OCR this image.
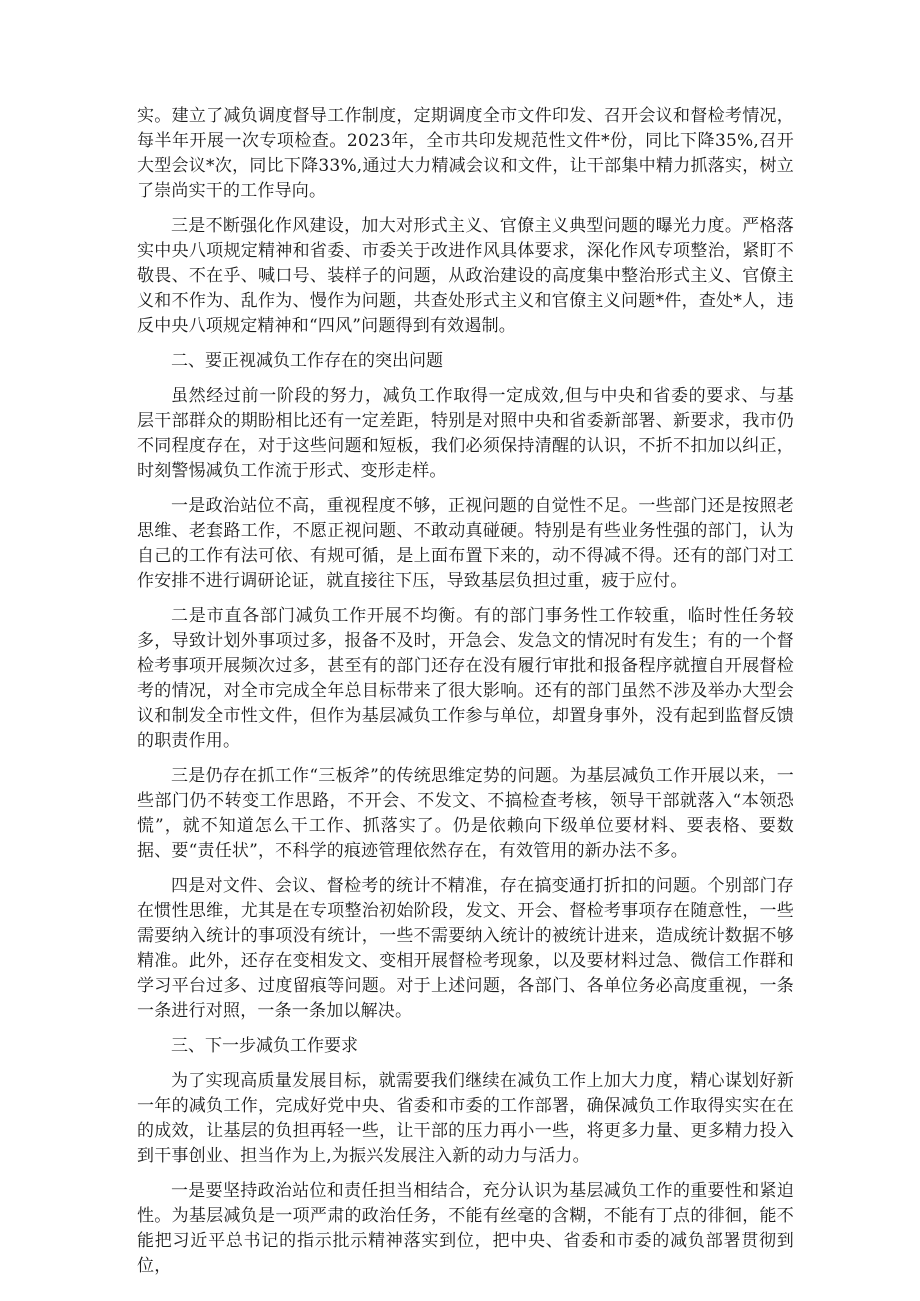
实。建立了减负调度督导工作制度，定期调度全市文件印发、召开会议和督检考情况，每半年开展一次专项检查。2023年，全市共印发规范性文件*份，同比下降35%,召开大型会议*次，同比下降33%,通过大力精减会议和文件，让干部集中精力抓落实，树立了崇尚实干的工作导向。

三是不断强化作风建设，加大对形式主义、官僚主义典型问题的曝光力度。严格落实中央八项规定精神和省委、市委关于改进作风具体要求，深化作风专项整治，紧盯不敬畏、不在乎、喊口号、装样子的问题，从政治建设的高度集中整治形式主义、官僚主义和不作为、乱作为、慢作为问题，共查处形式主义和官僚主义问题*件，查处*人，违反中央八项规定精神和“四风”问题得到有效遏制。

二、要正视减负工作存在的突出问题

虽然经过前一阶段的努力，减负工作取得一定成效,但与中央和省委的要求、与基层干部群众的期盼相比还有一定差距，特别是对照中央和省委新部署、新要求，我市仍不同程度存在，对于这些问题和短板，我们必须保持清醒的认识，不折不扣加以纠正，时刻警惕减负工作流于形式、变形走样。

一是政治站位不高，重视程度不够，正视问题的自觉性不足。一些部门还是按照老思维、老套路工作，不愿正视问题、不敢动真碰硬。特别是有些业务性强的部门，认为自己的工作有法可依、有规可循，是上面布置下来的，动不得减不得。还有的部门对工作安排不进行调研论证，就直接往下压，导致基层负担过重，疲于应付。

二是市直各部门减负工作开展不均衡。有的部门事务性工作较重，临时性任务较多，导致计划外事项过多，报备不及时，开急会、发急文的情况时有发生；有的一个督检考事项开展频次过多，甚至有的部门还存在没有履行审批和报备程序就擅自开展督检考的情况，对全市完成全年总目标带来了很大影响。还有的部门虽然不涉及举办大型会议和制发全市性文件，但作为基层减负工作参与单位，却置身事外，没有起到监督反馈的职责作用。

三是仍存在抓工作“三板斧”的传统思维定势的问题。为基层减负工作开展以来，一些部门仍不转变工作思路，不开会、不发文、不搞检查考核，领导干部就落入“本领恐慌”，就不知道怎么干工作、抓落实了。仍是依赖向下级单位要材料、要表格、要数据、要“责任状”，不科学的痕迹管理依然存在，有效管用的新办法不多。

四是对文件、会议、督检考的统计不精准，存在搞变通打折扣的问题。个别部门存在惯性思维，尤其是在专项整治初始阶段，发文、开会、督检考事项存在随意性，一些需要纳入统计的事项没有统计，一些不需要纳入统计的被统计进来，造成统计数据不够精准。此外，还存在变相发文、变相开展督检考现象，以及要材料过急、微信工作群和学习平台过多、过度留痕等问题。对于上述问题，各部门、各单位务必高度重视，一条一条进行对照，一条一条加以解决。

三、下一步减负工作要求

为了实现高质量发展目标，就需要我们继续在减负工作上加大力度，精心谋划好新一年的减负工作，完成好党中央、省委和市委的工作部署，确保减负工作取得实实在在的成效，让基层的负担再轻一些，让干部的压力再小一些，将更多力量、更多精力投入到干事创业、担当作为上,为振兴发展注入新的动力与活力。

一是要坚持政治站位和责任担当相结合，充分认识为基层减负工作的重要性和紧迫性。为基层减负是一项严肃的政治任务，不能有丝毫的含糊，不能有丁点的徘徊，能不能把习近平总书记的指示批示精神落实到位，把中央、省委和市委的减负部署贯彻到位，
